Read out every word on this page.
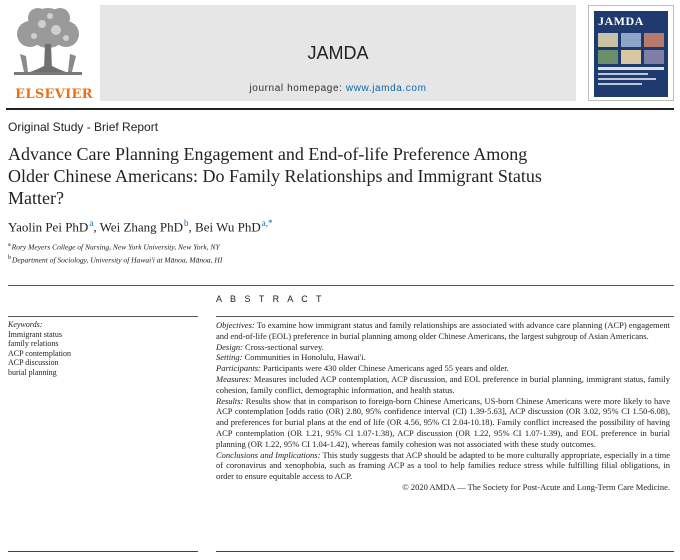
ELSEVIER
JAMDA
journal homepage: www.jamda.com
JAMDA
Original Study - Brief Report
Advance Care Planning Engagement and End-of-life Preference Among Older Chinese Americans: Do Family Relationships and Immigrant Status Matter?
Yaolin Pei PhD$^a$, Wei Zhang PhD$^b$, Bei Wu PhD$^{a,*}$
$^a$Rory Meyers College of Nursing, New York University, New York, NY
$^b$Department of Sociology, University of Hawai'i at Mānoa, Mānoa, HI
A B S T R A C T
Keywords:
Immigrant status
family relations
ACP contemplation
ACP discussion
burial planning

Objectives: To examine how immigrant status and family relationships are associated with advance care planning (ACP) engagement and end-of-life (EOL) preference in burial planning among older Chinese Americans, the largest subgroup of Asian Americans.

Design: Cross-sectional survey.

Setting: Communities in Honolulu, Hawai'i.

Participants: Participants were 430 older Chinese Americans aged 55 years and older.

Measures: Measures included ACP contemplation, ACP discussion, and EOL preference in burial planning, immigrant status, family cohesion, family conflict, demographic information, and health status.

Results: Results show that in comparison to foreign-born Chinese Americans, US-born Chinese Americans were more likely to have ACP contemplation [odds ratio (OR) 2.80, 95% confidence interval (CI) 1.39-5.63], ACP discussion (OR 3.02, 95% CI 1.50-6.08), and preferences for burial plans at the end of life (OR 4.56, 95% CI 2.04-10.18). Family conflict increased the possibility of having ACP contemplation (OR 1.21, 95% CI 1.07-1.38), ACP discussion (OR 1.22, 95% CI 1.07-1.39), and EOL preference in burial planning (OR 1.22, 95% CI 1.04-1.42), whereas family cohesion was not associated with these study outcomes.

Conclusions and Implications: This study suggests that ACP should be adapted to be more culturally appropriate, especially in a time of coronavirus and xenophobia, such as framing ACP as a tool to help families reduce stress while fulfilling filial obligations, in order to ensure equitable access to ACP.

© 2020 AMDA — The Society for Post-Acute and Long-Term Care Medicine.
